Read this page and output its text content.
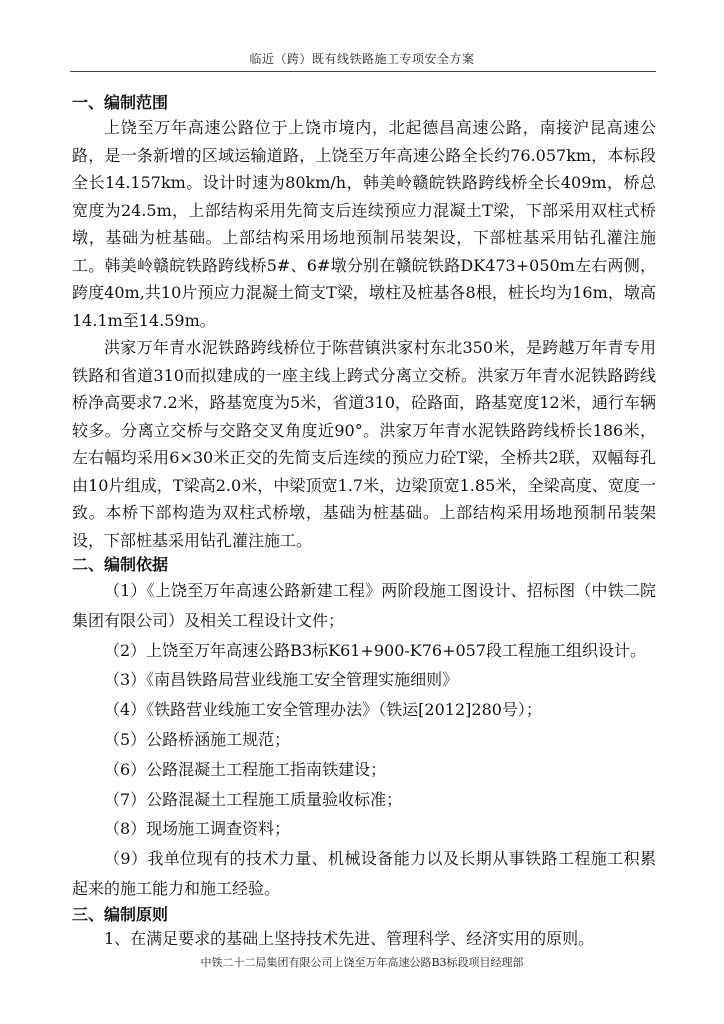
临近（跨）既有线铁路施工专项安全方案
一、编制范围

上饶至万年高速公路位于上饶市境内，北起德昌高速公路，南接沪昆高速公路，是一条新增的区域运输道路，上饶至万年高速公路全长约76.057km，本标段全长14.157km。设计时速为80km/h，韩美岭赣皖铁路跨线桥全长409m，桥总宽度为24.5m，上部结构采用先简支后连续预应力混凝土T梁，下部采用双柱式桥墩，基础为桩基础。上部结构采用场地预制吊装架设，下部桩基采用钻孔灌注施工。韩美岭赣皖铁路跨线桥5#、6#墩分别在赣皖铁路DK473+050m左右两侧，跨度40m,共10片预应力混凝土简支T梁，墩柱及桩基各8根，桩长均为16m，墩高14.1m至14.59m。

洪家万年青水泥铁路跨线桥位于陈营镇洪家村东北350米，是跨越万年青专用铁路和省道310而拟建成的一座主线上跨式分离立交桥。洪家万年青水泥铁路跨线桥净高要求7.2米，路基宽度为5米，省道310，砼路面，路基宽度12米，通行车辆较多。分离立交桥与交路交叉角度近90°。洪家万年青水泥铁路跨线桥长186米，左右幅均采用6×30米正交的先简支后连续的预应力砼T梁，全桥共2联，双幅每孔由10片组成，T梁高2.0米，中梁顶宽1.7米，边梁顶宽1.85米，全梁高度、宽度一致。本桥下部构造为双柱式桥墩，基础为桩基础。上部结构采用场地预制吊装架设，下部桩基采用钻孔灌注施工。

二、编制依据

（1）《上饶至万年高速公路新建工程》两阶段施工图设计、招标图（中铁二院集团有限公司）及相关工程设计文件；

（2）上饶至万年高速公路B3标K61+900-K76+057段工程施工组织设计。

（3）《南昌铁路局营业线施工安全管理实施细则》

（4）《铁路营业线施工安全管理办法》（铁运[2012]280号）；

（5）公路桥涵施工规范；

（6）公路混凝土工程施工指南铁建设；

（7）公路混凝土工程施工质量验收标准；

（8）现场施工调查资料；

（9）我单位现有的技术力量、机械设备能力以及长期从事铁路工程施工积累起来的施工能力和施工经验。

三、编制原则

1、在满足要求的基础上坚持技术先进、管理科学、经济实用的原则。

中铁二十二局集团有限公司上饶至万年高速公路B3标段项目经理部
